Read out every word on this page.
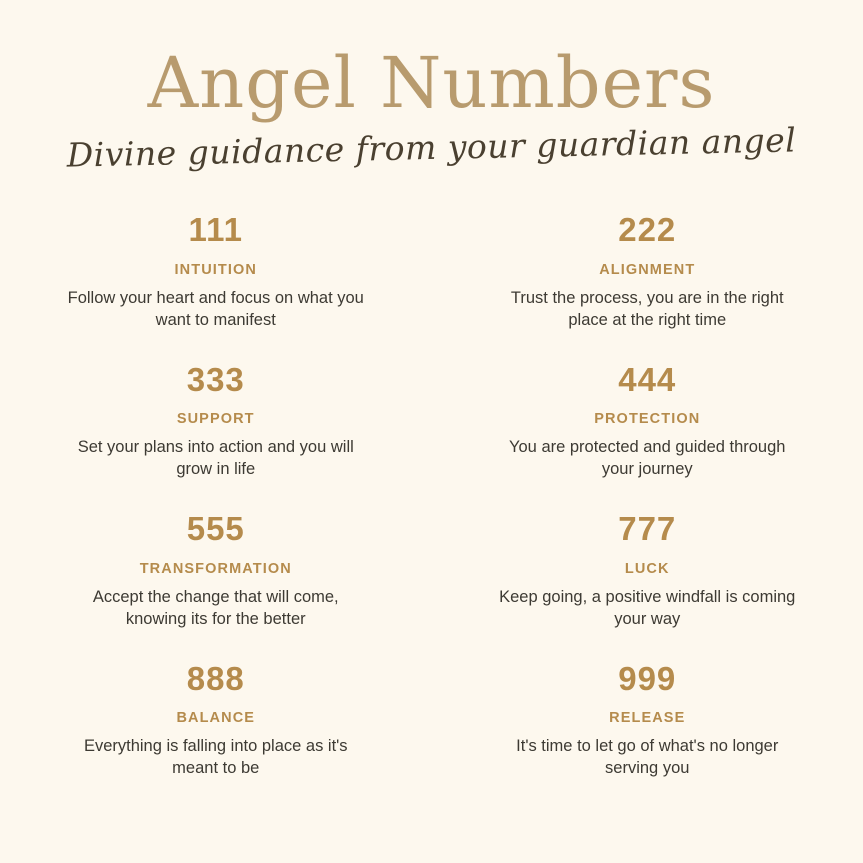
Angel Numbers
Divine guidance from your guardian angel
111
INTUITION
Follow your heart and focus on what you want to manifest
222
ALIGNMENT
Trust the process, you are in the right place at the right time
333
SUPPORT
Set your plans into action and you will grow in life
444
PROTECTION
You are protected and guided through your journey
555
TRANSFORMATION
Accept the change that will come, knowing its for the better
777
LUCK
Keep going, a positive windfall is coming your way
888
BALANCE
Everything is falling into place as it's meant to be
999
RELEASE
It's time to let go of what's no longer serving you
